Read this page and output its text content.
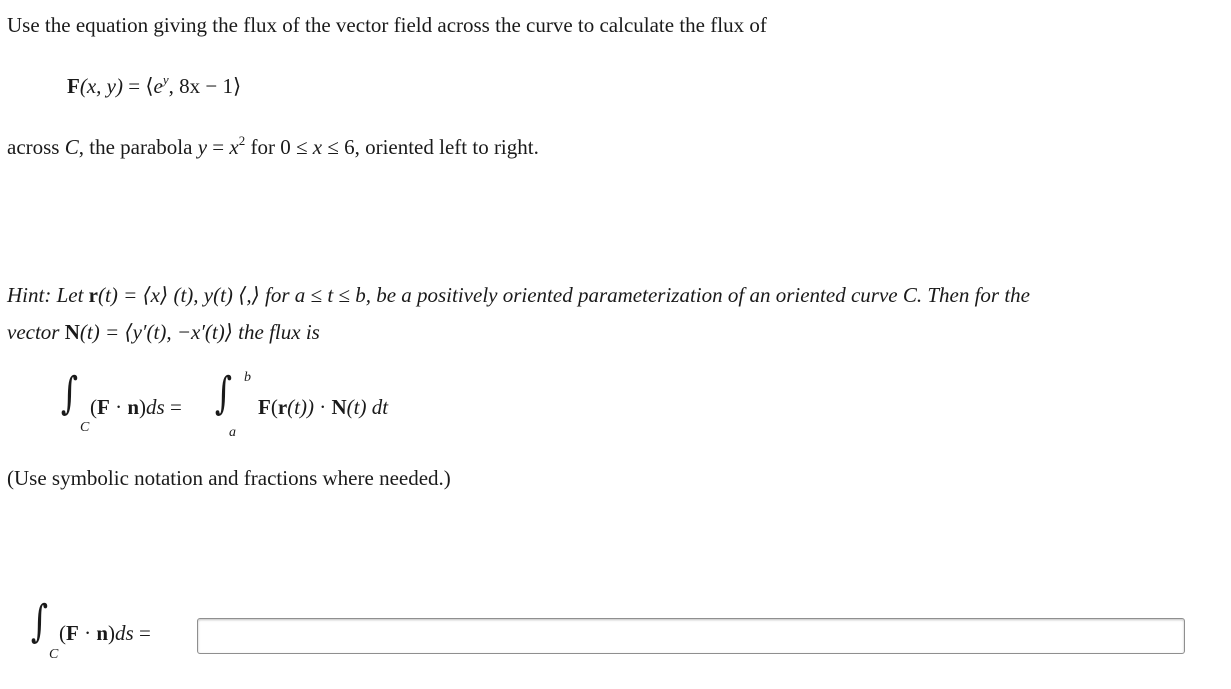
Use the equation giving the flux of the vector field across the curve to calculate the flux of
F(x, $y) = ⟨e^y$, 8x − 1⟩
across C, the parabola $y = x^2$ for 0 ≤ x ≤ 6, oriented left to right.
Hint: Let r(t) = ⟨x⟩ (t), y(t) ⟨,⟩ for a ≤ t ≤ b, be a positively oriented parameterization of an oriented curve C. Then for the
vector N(t) = ⟨y′(t), −x′(t)⟩ the flux is
∫
C
(F · n)ds = ∫ b
a
F(r(t)) · N(t) dt
(Use symbolic notation and fractions where needed.)
∫
C
(F · n)ds =
